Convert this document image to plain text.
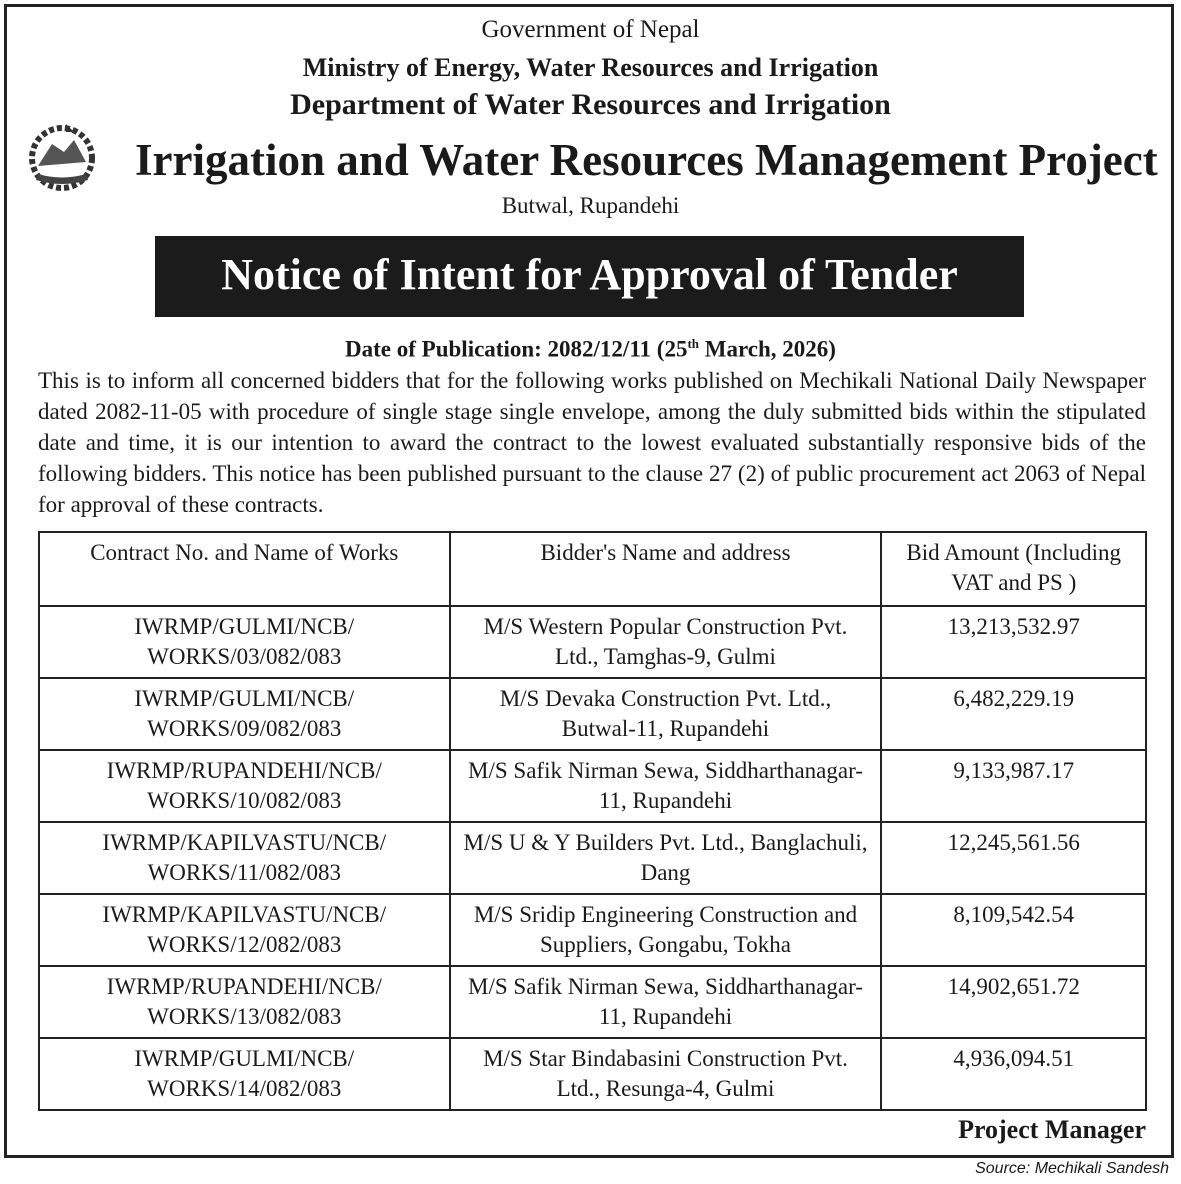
Government of Nepal
Ministry of Energy, Water Resources and Irrigation
Department of Water Resources and Irrigation
Irrigation and Water Resources Management Project
Butwal, Rupandehi
Notice of Intent for Approval of Tender
Date of Publication: 2082/12/11 (25th March, 2026)
This is to inform all concerned bidders that for the following works published on Mechikali National Daily Newspaper dated 2082-11-05 with procedure of single stage single envelope, among the duly submitted bids within the stipulated date and time, it is our intention to award the contract to the lowest evaluated substantially responsive bids of the following bidders. This notice has been published pursuant to the clause 27 (2) of public procurement act 2063 of Nepal for approval of these contracts.
Contract No. and Name of Works	Bidder's Name and address	Bid Amount (Including VAT and PS )
IWRMP/GULMI/NCB/ WORKS/03/082/083	M/S Western Popular Construction Pvt. Ltd., Tamghas-9, Gulmi	13,213,532.97
IWRMP/GULMI/NCB/ WORKS/09/082/083	M/S Devaka Construction Pvt. Ltd., Butwal-11, Rupandehi	6,482,229.19
IWRMP/RUPANDEHI/NCB/ WORKS/10/082/083	M/S Safik Nirman Sewa, Siddharthanagar-11, Rupandehi	9,133,987.17
IWRMP/KAPILVASTU/NCB/ WORKS/11/082/083	M/S U & Y Builders Pvt. Ltd., Banglachuli, Dang	12,245,561.56
IWRMP/KAPILVASTU/NCB/ WORKS/12/082/083	M/S Sridip Engineering Construction and Suppliers, Gongabu, Tokha	8,109,542.54
IWRMP/RUPANDEHI/NCB/ WORKS/13/082/083	M/S Safik Nirman Sewa, Siddharthanagar-11, Rupandehi	14,902,651.72
IWRMP/GULMI/NCB/ WORKS/14/082/083	M/S Star Bindabasini Construction Pvt. Ltd., Resunga-4, Gulmi	4,936,094.51
Project Manager
Source: Mechikali Sandesh
